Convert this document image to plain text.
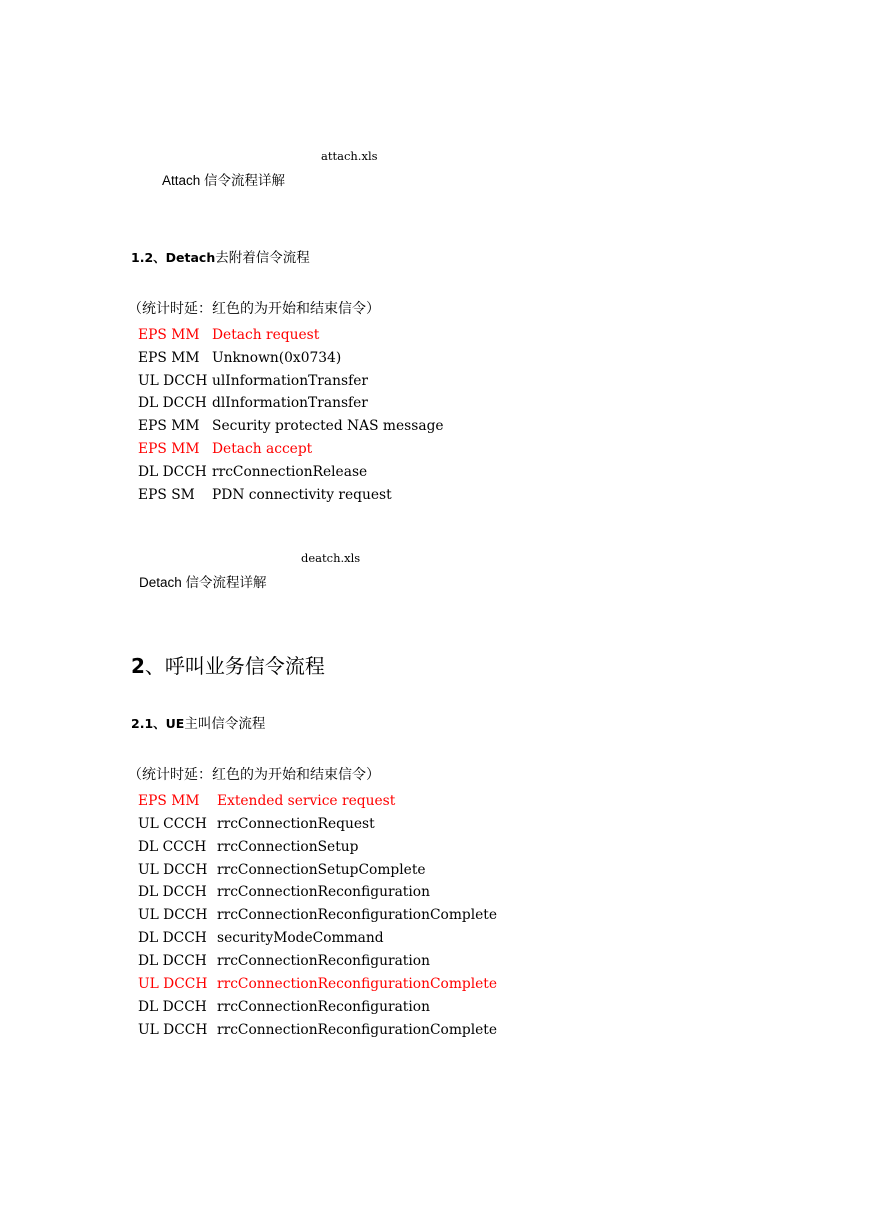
attach.xls
Attach 信令流程详解
1.2、Detach去附着信令流程
（统计时延：红色的为开始和结束信令）
EPS MM Detach request
EPS MM Unknown(0x0734)
UL DCCH ulInformationTransfer
DL DCCH dlInformationTransfer
EPS MM Security protected NAS message
EPS MM Detach accept
DL DCCH rrcConnectionRelease
EPS SM PDN connectivity request
deatch.xls
Detach 信令流程详解
2、呼叫业务信令流程
2.1、UE主叫信令流程
（统计时延：红色的为开始和结束信令）
EPS MM Extended service request
UL CCCH rrcConnectionRequest
DL CCCH rrcConnectionSetup
UL DCCH rrcConnectionSetupComplete
DL DCCH rrcConnectionReconfiguration
UL DCCH rrcConnectionReconfigurationComplete
DL DCCH securityModeCommand
DL DCCH rrcConnectionReconfiguration
UL DCCH rrcConnectionReconfigurationComplete
DL DCCH rrcConnectionReconfiguration
UL DCCH rrcConnectionReconfigurationComplete
